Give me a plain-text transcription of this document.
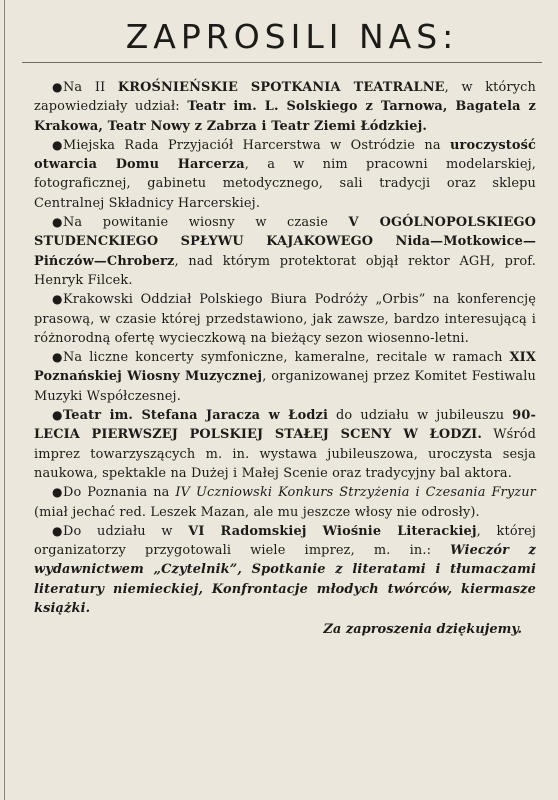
ZAPROSILI NAS:

●Na II KROŚNIEŃSKIE SPOTKANIA TEATRALNE, w których zapowiedziały udział: Teatr im. L. Solskiego z Tarnowa, Bagatela z Krakowa, Teatr Nowy z Zabrza i Teatr Ziemi Łódzkiej.

●Miejska Rada Przyjaciół Harcerstwa w Ostródzie na uroczystość otwarcia Domu Harcerza, a w nim pracowni modelarskiej, fotograficznej, gabinetu metodycznego, sali tradycji oraz sklepu Centralnej Składnicy Harcerskiej.

●Na powitanie wiosny w czasie V OGÓLNOPOLSKIEGO STUDENCKIEGO SPŁYWU KAJAKOWEGO Nida—Motkowice—Pińczów—Chroberz, nad którym protektorat objął rektor AGH, prof. Henryk Filcek.

●Krakowski Oddział Polskiego Biura Podróży „Orbis” na konferencję prasową, w czasie której przedstawiono, jak zawsze, bardzo interesującą i różnorodną ofertę wycieczkową na bieżący sezon wiosenno-letni.

●Na liczne koncerty symfoniczne, kameralne, recitale w ramach XIX Poznańskiej Wiosny Muzycznej, organizowanej przez Komitet Festiwalu Muzyki Współczesnej.

●Teatr im. Stefana Jaracza w Łodzi do udziału w jubileuszu 90-LECIA PIERWSZEJ POLSKIEJ STAŁEJ SCENY W ŁODZI. Wśród imprez towarzyszących m. in. wystawa jubileuszowa, uroczysta sesja naukowa, spektakle na Dużej i Małej Scenie oraz tradycyjny bal aktora.

●Do Poznania na IV Uczniowski Konkurs Strzyżenia i Czesania Fryzur (miał jechać red. Leszek Mazan, ale mu jeszcze włosy nie odrosły).

●Do udziału w VI Radomskiej Wiośnie Literackiej, której organizatorzy przygotowali wiele imprez, m. in.: Wieczór z wydawnictwem „Czytelnik”, Spotkanie z literatami i tłumaczami literatury niemieckiej, Konfrontacje młodych twórców, kiermasze książki.

Za zaproszenia dziękujemy.
